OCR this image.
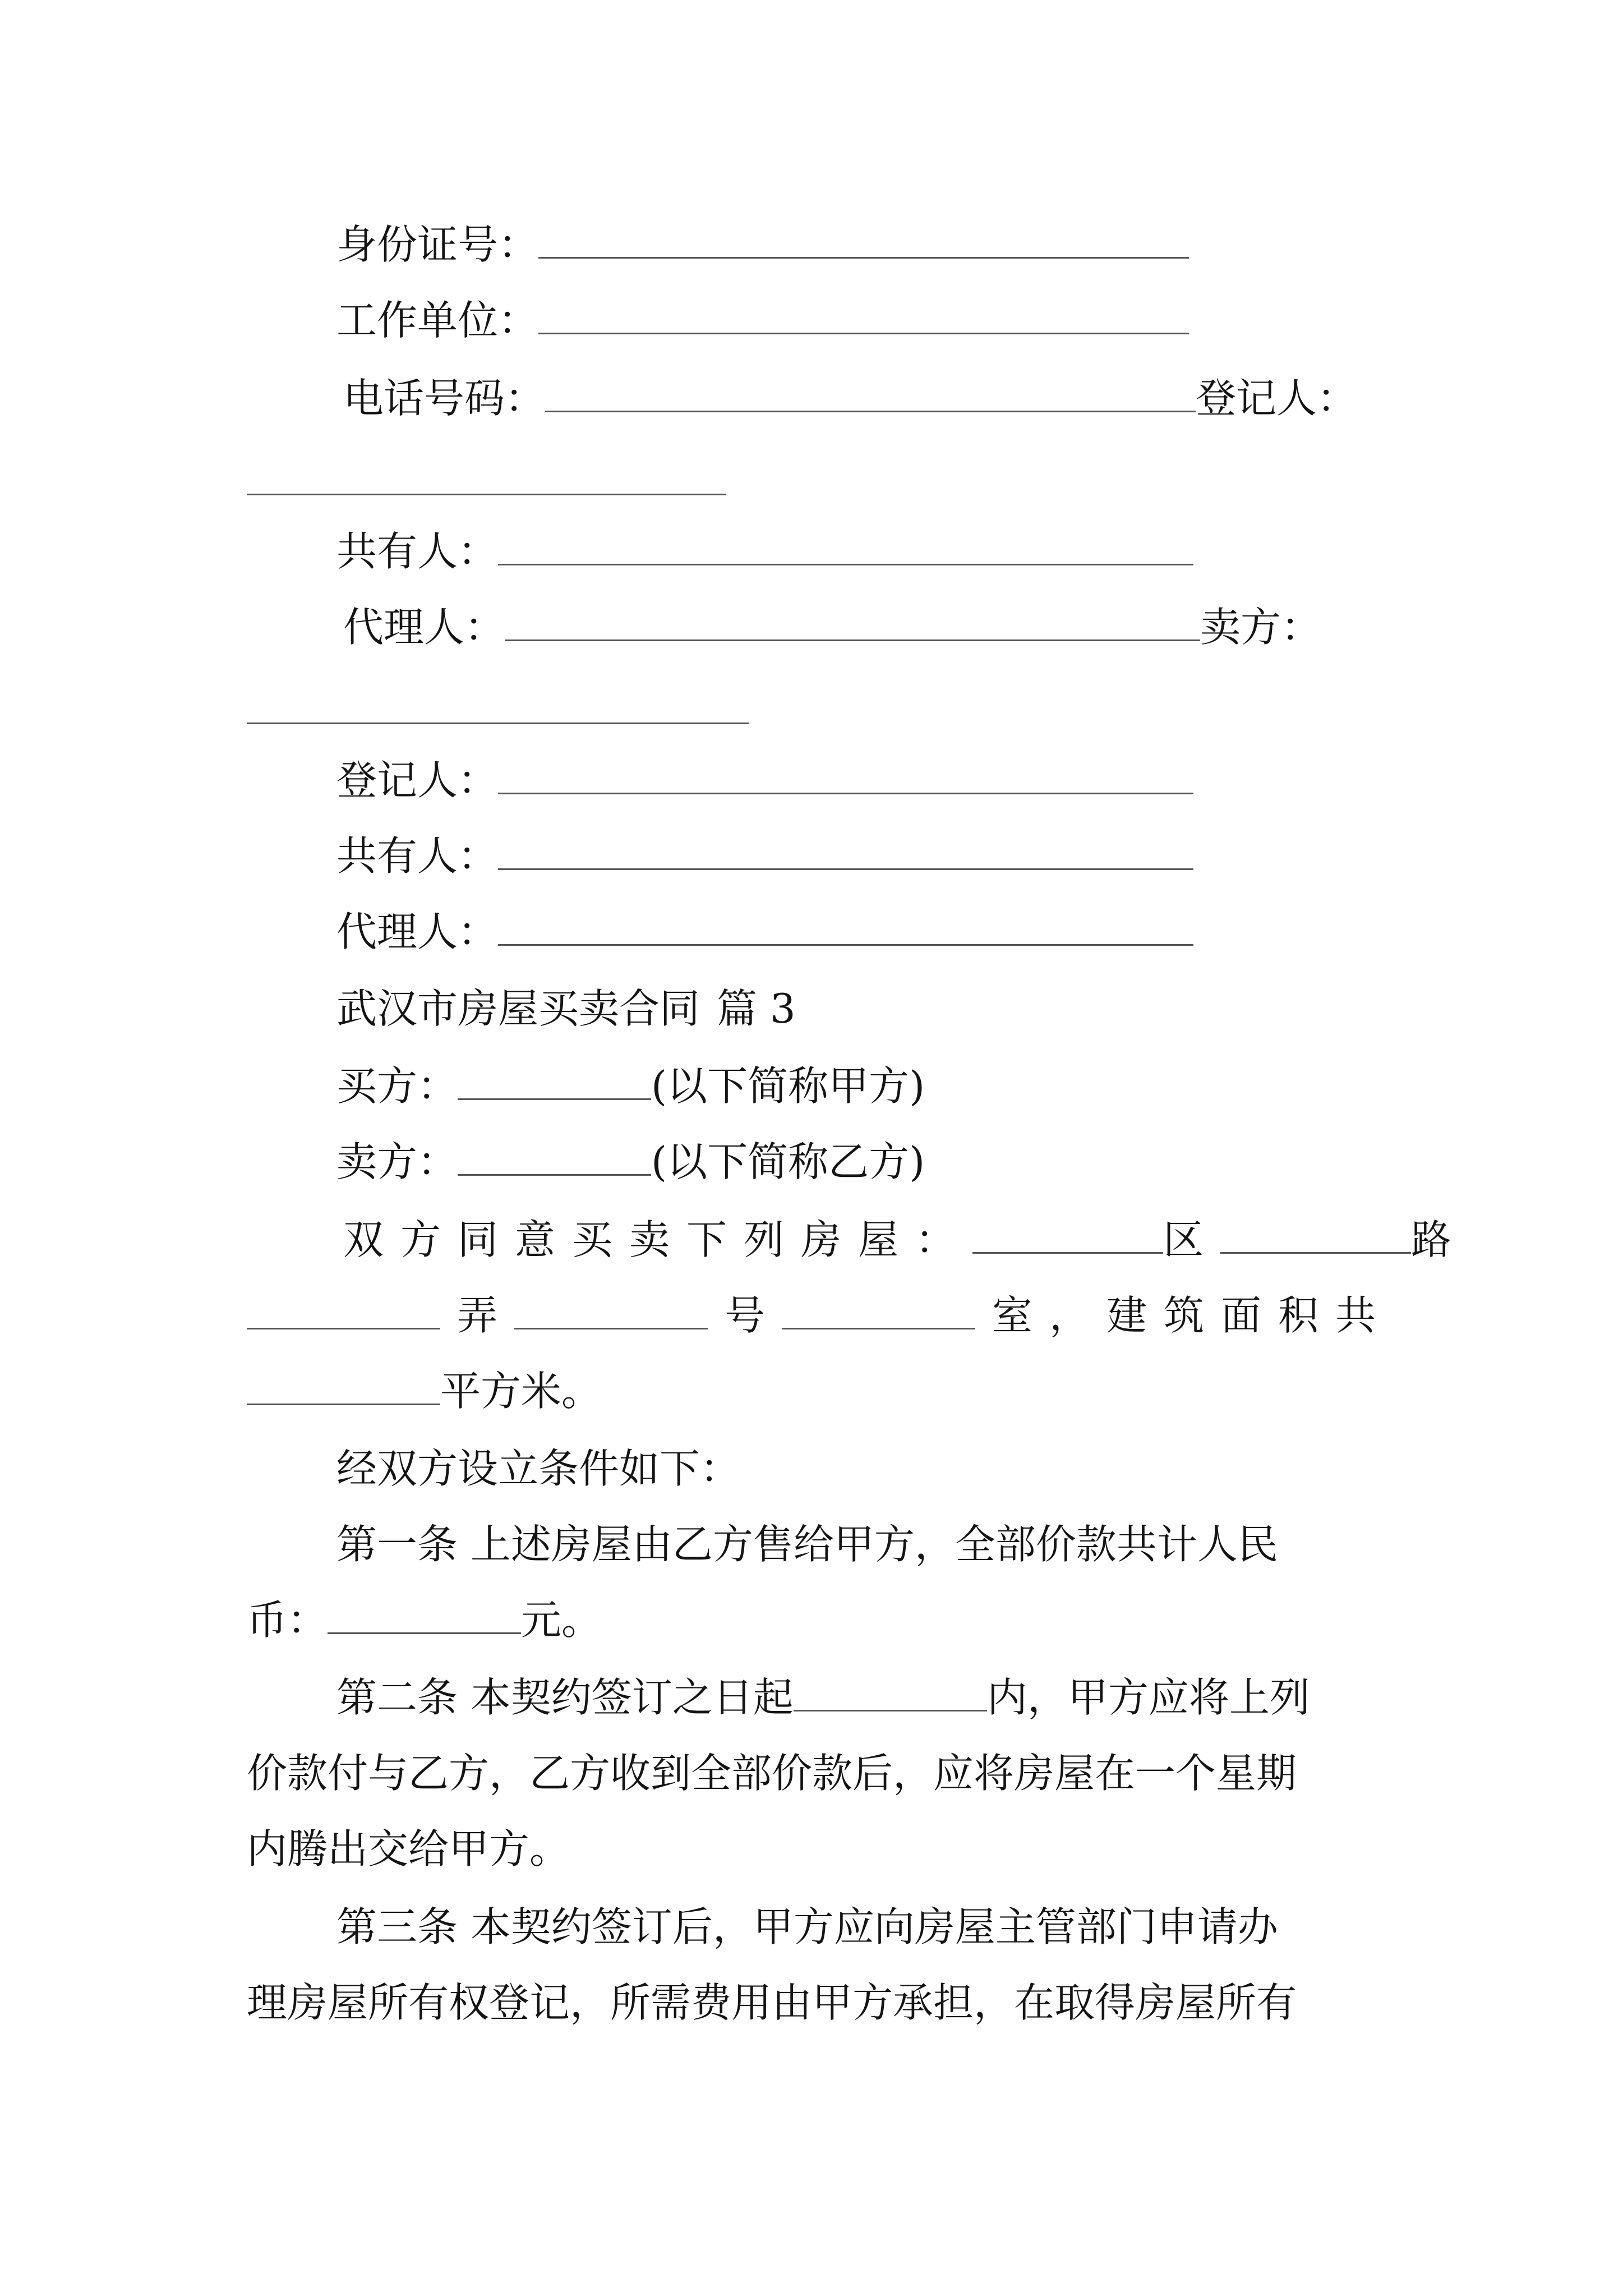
身份证号：
工作单位：
电话号码：	登记人：
共有人：
代理人：	卖方：
登记人：
共有人：
代理人：
武汉市房屋买卖合同 篇 3
买方：	(以下简称甲方)
卖方：	(以下简称乙方)
双方同意买卖下列房屋：	区	路
弄	号	室，建筑面积共
平方米。
经双方设立条件如下：
第一条 上述房屋由乙方售给甲方，全部价款共计人民
币：	元。
第二条 本契约签订之日起	内，甲方应将上列
价款付与乙方，乙方收到全部价款后，应将房屋在一个星期
内腾出交给甲方。
第三条 本契约签订后，甲方应向房屋主管部门申请办
理房屋所有权登记，所需费用由甲方承担，在取得房屋所有
